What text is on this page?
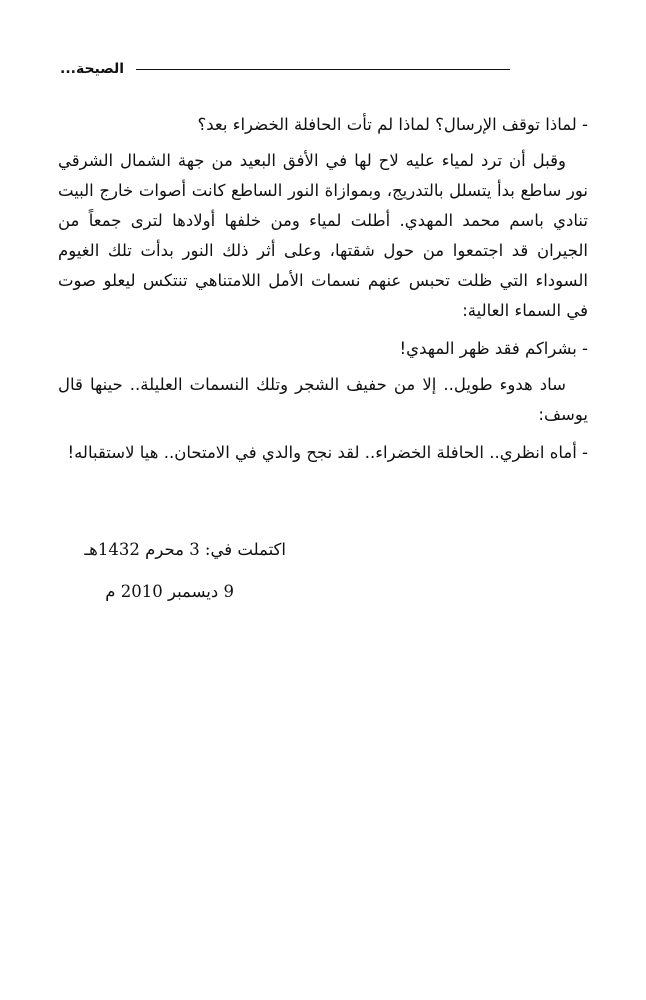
الصيحة...

- لماذا توقف الإرسال؟ لماذا لم تأت الحافلة الخضراء بعد؟

وقبل أن ترد لمياء عليه لاح لها في الأفق البعيد من جهة الشمال الشرقي نور ساطع بدأ يتسلل بالتدريج، وبموازاة النور الساطع كانت أصوات خارج البيت تنادي باسم محمد المهدي. أطلت لمياء ومن خلفها أولادها لترى جمعاً من الجيران قد اجتمعوا من حول شقتها، وعلى أثر ذلك النور بدأت تلك الغيوم السوداء التي ظلت تحبس عنهم نسمات الأمل اللامتناهي تنتكس ليعلو صوت في السماء العالية:

- بشراكم فقد ظهر المهدي!

ساد هدوء طويل.. إلا من حفيف الشجر وتلك النسمات العليلة.. حينها قال يوسف:

- أماه انظري.. الحافلة الخضراء.. لقد نجح والدي في الامتحان.. هيا لاستقباله!

اكتملت في: 3 محرم 1432هـ
9 ديسمبر 2010 م
